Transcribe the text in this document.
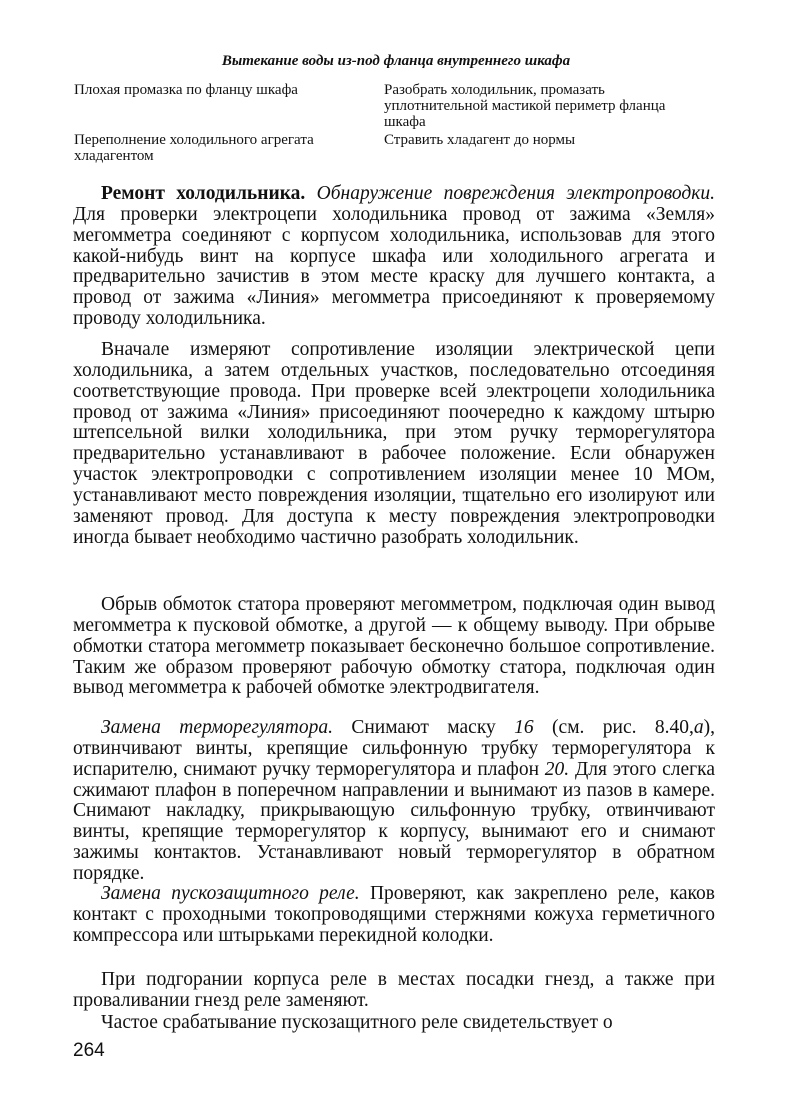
Вытекание воды из-под фланца внутреннего шкафа
Плохая промазка по фланцу шкафа	Разобрать холодильник, промазать уплотнительной мастикой периметр фланца шкафа
Переполнение холодильного агрегата хладагентом
Стравить хладагент до нормы
Ремонт холодильника. Обнаружение повреждения электропроводки. Для проверки электроцепи холодильника провод от зажима «Земля» мегомметра соединяют с корпусом холодильника, использовав для этого какой-нибудь винт на корпусе шкафа или холодильного агрегата и предварительно зачистив в этом месте краску для лучшего контакта, а провод от зажима «Линия» мегомметра присоединяют к проверяемому проводу холодильника.
Вначале измеряют сопротивление изоляции электрической цепи холодильника, а затем отдельных участков, последовательно отсоединяя соответствующие провода. При проверке всей электроцепи холодильника провод от зажима «Линия» присоединяют поочередно к каждому штырю штепсельной вилки холодильника, при этом ручку терморегулятора предварительно устанавливают в рабочее положение. Если обнаружен участок электропроводки с сопротивлением изоляции менее 10 МОм, устанавливают место повреждения изоляции, тщательно его изолируют или заменяют провод. Для доступа к месту повреждения электропроводки иногда бывает необходимо частично разобрать холодильник.
Обрыв обмоток статора проверяют мегомметром, подключая один вывод мегомметра к пусковой обмотке, а другой — к общему выводу. При обрыве обмотки статора мегомметр показывает бесконечно большое сопротивление. Таким же образом проверяют рабочую обмотку статора, подключая один вывод мегомметра к рабочей обмотке электродвигателя.
Замена терморегулятора. Снимают маску 16 (см. рис. 8.40,а), отвинчивают винты, крепящие сильфонную трубку терморегулятора к испарителю, снимают ручку терморегулятора и плафон 20. Для этого слегка сжимают плафон в поперечном направлении и вынимают из пазов в камере. Снимают накладку, прикрывающую сильфонную трубку, отвинчивают винты, крепящие терморегулятор к корпусу, вынимают его и снимают зажимы контактов. Устанавливают новый терморегулятор в обратном порядке.
Замена пускозащитного реле. Проверяют, как закреплено реле, каков контакт с проходными токопроводящими стержнями кожуха герметичного компрессора или штырьками перекидной колодки.
При подгорании корпуса реле в местах посадки гнезд, а также при проваливании гнезд реле заменяют.
Частое срабатывание пускозащитного реле свидетельствует о
264
